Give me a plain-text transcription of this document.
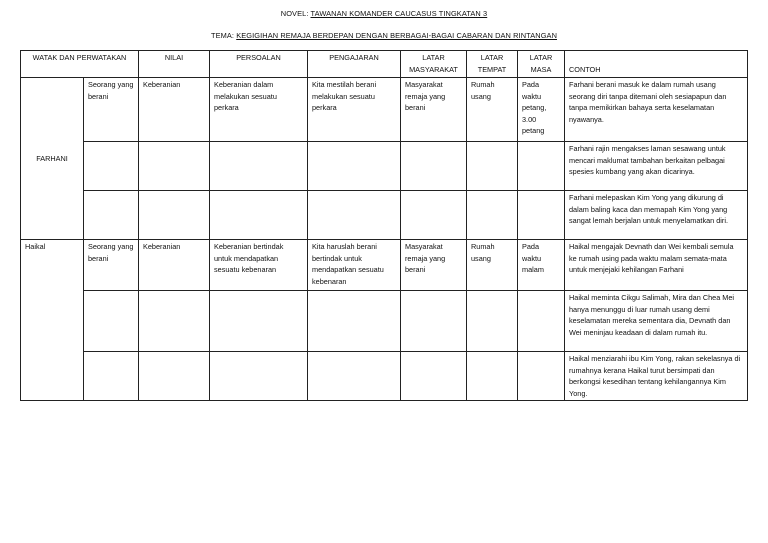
NOVEL: TAWANAN KOMANDER CAUCASUS TINGKATAN 3
TEMA: KEGIGIHAN REMAJA BERDEPAN DENGAN BERBAGAI-BAGAI CABARAN DAN RINTANGAN
WATAK DAN PERWATAKAN		NILAI	PERSOALAN	PENGAJARAN	LATAR MASYARAKAT	LATAR TEMPAT	LATAR MASA	CONTOH
FARHANI	Seorang yang berani	Keberanian	Keberanian dalam melakukan sesuatu perkara	Kita mestilah berani melakukan sesuatu perkara	Masyarakat remaja yang berani	Rumah usang	Pada waktu petang, 3.00 petang	Farhani berani masuk ke dalam rumah usang seorang diri tanpa ditemani oleh sesiapapun dan tanpa memikirkan bahaya serta keselamatan nyawanya.
								Farhani rajin mengakses laman sesawang untuk mencari maklumat tambahan berkaitan pelbagai spesies kumbang yang akan dicarinya.
								Farhani melepaskan Kim Yong yang dikurung di dalam baling kaca dan memapah Kim Yong yang sangat lemah berjalan untuk menyelamatkan diri.
Haikal	Seorang yang berani	Keberanian	Keberanian bertindak untuk mendapatkan sesuatu kebenaran	Kita haruslah berani bertindak untuk mendapatkan sesuatu kebenaran	Masyarakat remaja yang berani	Rumah usang	Pada waktu malam	Haikal mengajak Devnath dan Wei kembali semula ke rumah using pada waktu malam semata-mata untuk menjejaki kehilangan Farhani
								Haikal meminta Cikgu Salimah, Mira dan Chea Mei hanya menunggu di luar rumah usang demi keselamatan mereka sementara dia, Devnath dan Wei meninjau keadaan di dalam rumah itu.
								Haikal menziarahi ibu Kim Yong, rakan sekelasnya di rumahnya kerana Haikal turut bersimpati dan berkongsi kesedihan tentang kehilangannya Kim Yong.
